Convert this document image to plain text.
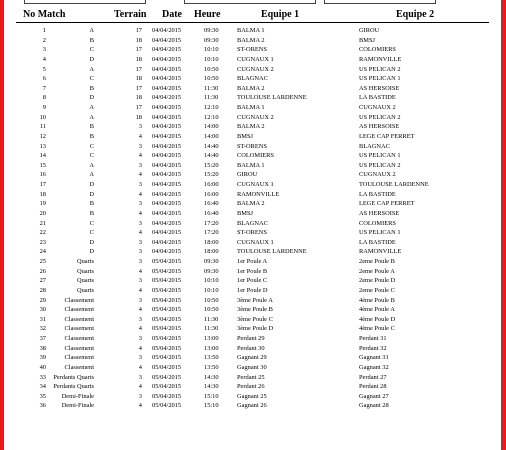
No Match	Terrain Date Heure	Equipe 1	Equipe 2
1	A	17 04/04/2015	09:30	BALMA 1	GIROU
2	B	18 04/04/2015	09:30	BALMA 2	BMSJ
3	C	17 04/04/2015	10:10	ST-ORENS	COLOMIERS
4	D	18 04/04/2015	10:10	CUGNAUX 1	RAMONVILLE
5	A	17 04/04/2015	10:50	CUGNAUX 2	US PELICAN 2
6	C	18 04/04/2015	10:50	BLAGNAC	US PELICAN 1
7	B	17 04/04/2015	11:30	BALMA 2	AS HERSOISE
8	D	18 04/04/2015	11:30	TOULOUSE LARDENNE	LA BASTIDE
9	A	17 04/04/2015	12:10	BALMA 1	CUGNAUX 2
10	A	18 04/04/2015	12:10	CUGNAUX 2	US PELICAN 2
11	B	3 04/04/2015	14:00	BALMA 2	AS HERSOISE
12	B	4 04/04/2015	14:00	BMSJ	LEGE CAP FERRET
13	C	3 04/04/2015	14:40	ST-ORENS	BLAGNAC
14	C	4 04/04/2015	14:40	COLOMIERS	US PELICAN 1
15	A	3 04/04/2015	15:20	BALMA 1	US PELICAN 2
16	A	4 04/04/2015	15:20	GIROU	CUGNAUX 2
17	D	3 04/04/2015	16:00	CUGNAUX 1	TOULOUSE LARDENNE
18	D	4 04/04/2015	16:00	RAMONVILLE	LA BASTIDE
19	B	3 04/04/2015	16:40	BALMA 2	LEGE CAP FERRET
20	B	4 04/04/2015	16:40	BMSJ	AS HERSOISE
21	C	3 04/04/2015	17:20	BLAGNAC	COLOMIERS
22	C	4 04/04/2015	17:20	ST-ORENS	US PELICAN 1
23	D	3 04/04/2015	18:00	CUGNAUX 1	LA BASTIDE
24	D	3 04/04/2015	18:00	TOULOUSE LARDENNE	RAMONVILLE
25	Quarts	3 05/04/2015	09:30	1er Poule A	2eme Poule B
26	Quarts	4 05/04/2015	09:30	1er Poule B	2eme Poule A
27	Quarts	3 05/04/2015	10:10	1er Poule C	2eme Poule D
28	Quarts	4 05/04/2015	10:10	1er Poule D	2eme Poule C
29	Classement	3 05/04/2015	10:50	3ème Poule A	4ème Poule B
30	Classement	4 05/04/2015	10:50	3ème Poule B	4ème Poule A
31	Classement	3 05/04/2015	11:30	3ème Poule C	4ème Poule D
32	Classement	4 05/04/2015	11:30	3ème Poule D	4ème Poule C
37	Classement	3 05/04/2015	13:00	Perdant 29	Perdant 31
38	Classement	4 05/04/2015	13:00	Perdant 30	Perdant 32
39	Classement	3 05/04/2015	13:50	Gagnant 29	Gagnant 31
40	Classement	4 05/04/2015	13:50	Gagnant 30	Gagnant 32
33	Perdants Quarts	3 05/04/2015	14:30	Perdant 25	Perdant 27
34	Perdants Quarts	4 05/04/2015	14:30	Perdant 26	Perdant 28
35	Demi-Finale	3 05/04/2015	15:10	Gagnant 25	Gagnant 27
36	Demi-Finale	4 05/04/2015	15:10	Gagnant 26	Gagnant 28
